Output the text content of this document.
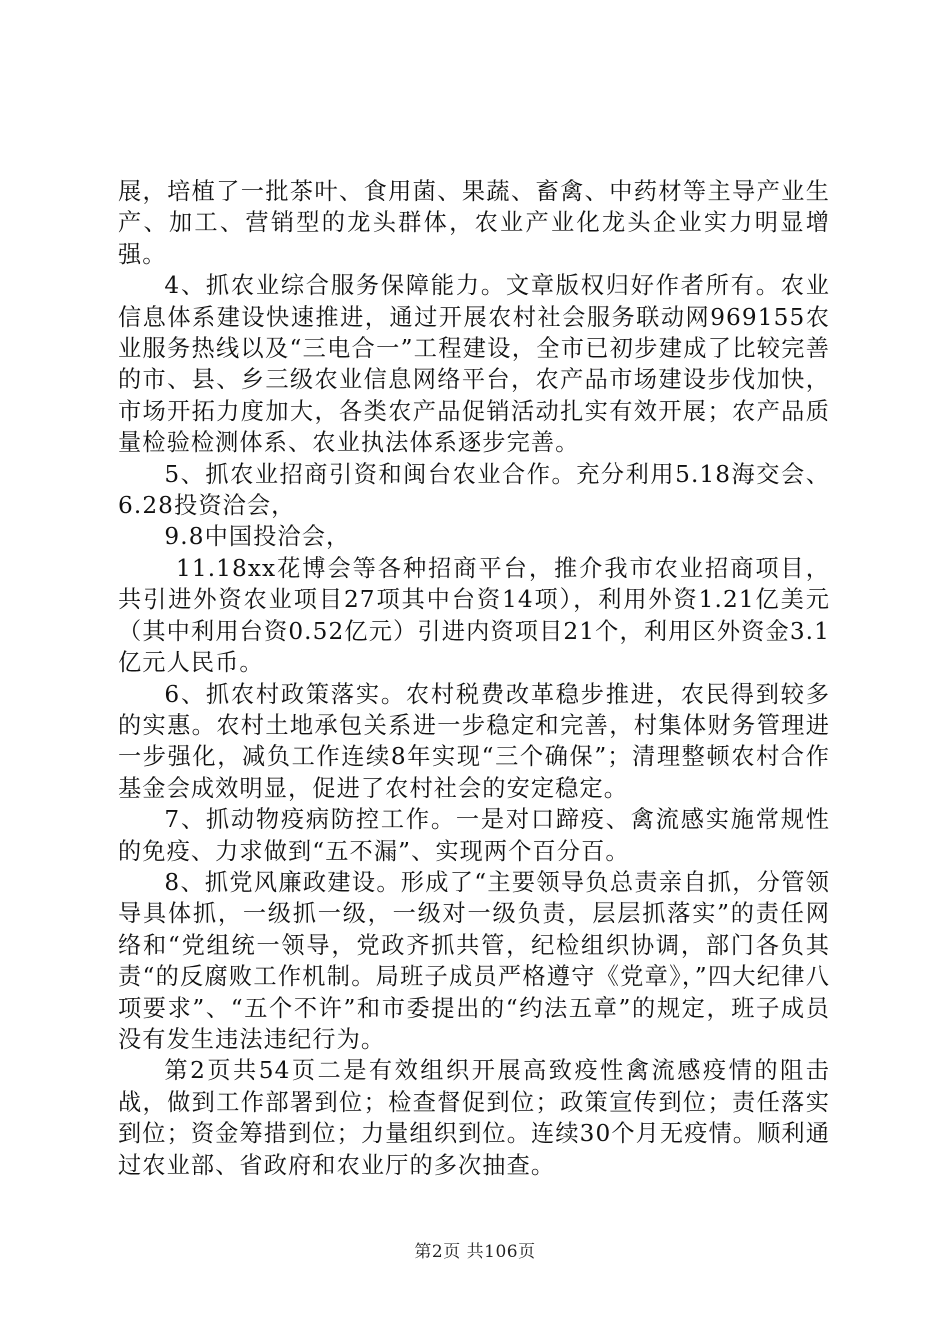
展，培植了一批茶叶、食用菌、果蔬、畜禽、中药材等主导产业生产、加工、营销型的龙头群体，农业产业化龙头企业实力明显增强。

4、抓农业综合服务保障能力。文章版权归好作者所有。农业信息体系建设快速推进，通过开展农村社会服务联动网969155农业服务热线以及“三电合一”工程建设，全市已初步建成了比较完善的市、县、乡三级农业信息网络平台，农产品市场建设步伐加快，市场开拓力度加大，各类农产品促销活动扎实有效开展；农产品质量检验检测体系、农业执法体系逐步完善。

5、抓农业招商引资和闽台农业合作。充分利用5.18海交会、6.28投资洽会，

9.8中国投洽会，

11.18xx花博会等各种招商平台，推介我市农业招商项目，共引进外资农业项目27项其中台资14项），利用外资1.21亿美元（其中利用台资0.52亿元）引进内资项目21个，利用区外资金3.1亿元人民币。

6、抓农村政策落实。农村税费改革稳步推进，农民得到较多的实惠。农村土地承包关系进一步稳定和完善，村集体财务管理进一步强化，减负工作连续8年实现“三个确保”；清理整顿农村合作基金会成效明显，促进了农村社会的安定稳定。

7、抓动物疫病防控工作。一是对口蹄疫、禽流感实施常规性的免疫、力求做到“五不漏”、实现两个百分百。

8、抓党风廉政建设。形成了“主要领导负总责亲自抓，分管领导具体抓，一级抓一级，一级对一级负责，层层抓落实”的责任网络和“党组统一领导，党政齐抓共管，纪检组织协调，部门各负其责“的反腐败工作机制。局班子成员严格遵守《党章》，”四大纪律八项要求”、“五个不许”和市委提出的“约法五章”的规定，班子成员没有发生违法违纪行为。

第2页共54页二是有效组织开展高致疫性禽流感疫情的阻击战，做到工作部署到位；检查督促到位；政策宣传到位；责任落实到位；资金筹措到位；力量组织到位。连续30个月无疫情。顺利通过农业部、省政府和农业厅的多次抽查。

第2页 共106页
